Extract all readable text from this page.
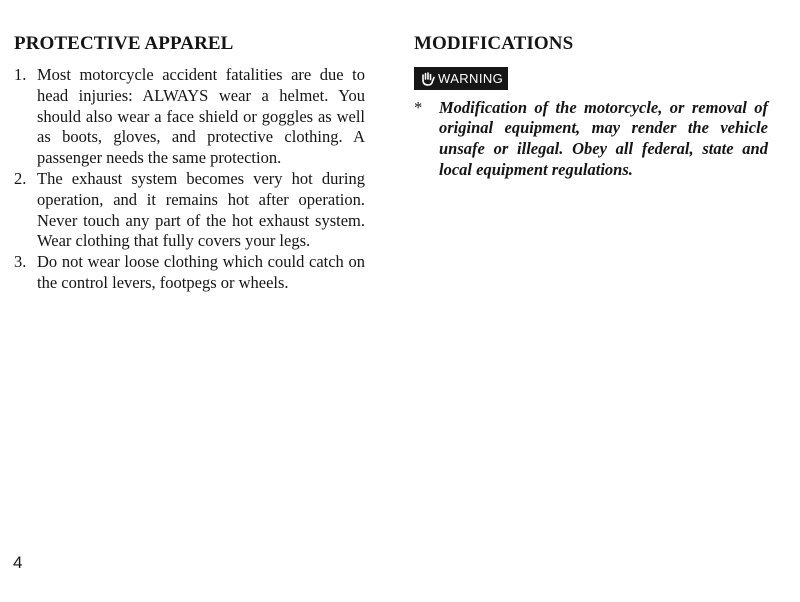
PROTECTIVE APPAREL
1. Most motorcycle accident fatalities are due to head injuries: ALWAYS wear a helmet. You should also wear a face shield or goggles as well as boots, gloves, and protective clothing. A passenger needs the same protection.
2. The exhaust system becomes very hot during operation, and it remains hot after operation. Never touch any part of the hot exhaust system. Wear clothing that fully covers your legs.
3. Do not wear loose clothing which could catch on the control levers, footpegs or wheels.
MODIFICATIONS
WARNING
*	Modification of the motorcycle, or removal of original equipment, may render the vehicle unsafe or illegal. Obey all federal, state and local equipment regulations.
4
